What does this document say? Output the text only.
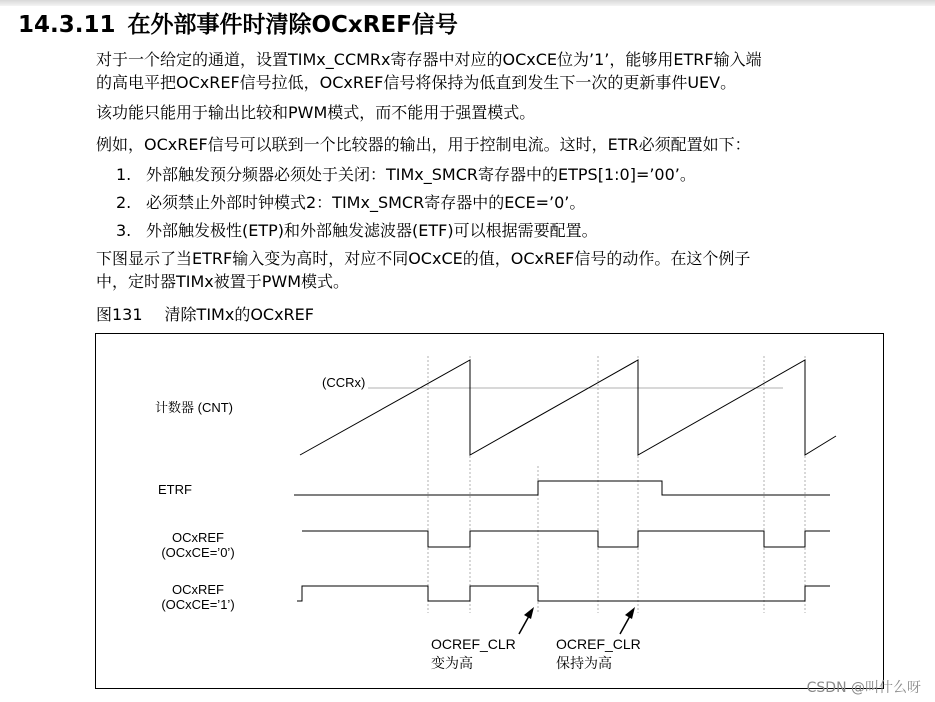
14.3.11 在外部事件时清除OCxREF信号
对于一个给定的通道，设置TIMx_CCMRx寄存器中对应的OCxCE位为’1’，能够用ETRF输入端
的高电平把OCxREF信号拉低，OCxREF信号将保持为低直到发生下一次的更新事件UEV。
该功能只能用于输出比较和PWM模式，而不能用于强置模式。
例如，OCxREF信号可以联到一个比较器的输出，用于控制电流。这时，ETR必须配置如下：
1. 外部触发预分频器必须处于关闭：TIMx_SMCR寄存器中的ETPS[1:0]=’00’。
2. 必须禁止外部时钟模式2：TIMx_SMCR寄存器中的ECE=’0’。
3. 外部触发极性(ETP)和外部触发滤波器(ETF)可以根据需要配置。
下图显示了当ETRF输入变为高时，对应不同OCxCE的值，OCxREF信号的动作。在这个例子
中，定时器TIMx被置于PWM模式。
图131 清除TIMx的OCxREF
计数器 (CNT)
(CCRx)
ETRF
OCxREF
(OCxCE=’0’)
OCxREF
(OCxCE=’1’)
OCREF_CLR
变为高
OCREF_CLR
保持为高
CSDN @叫什么呀
